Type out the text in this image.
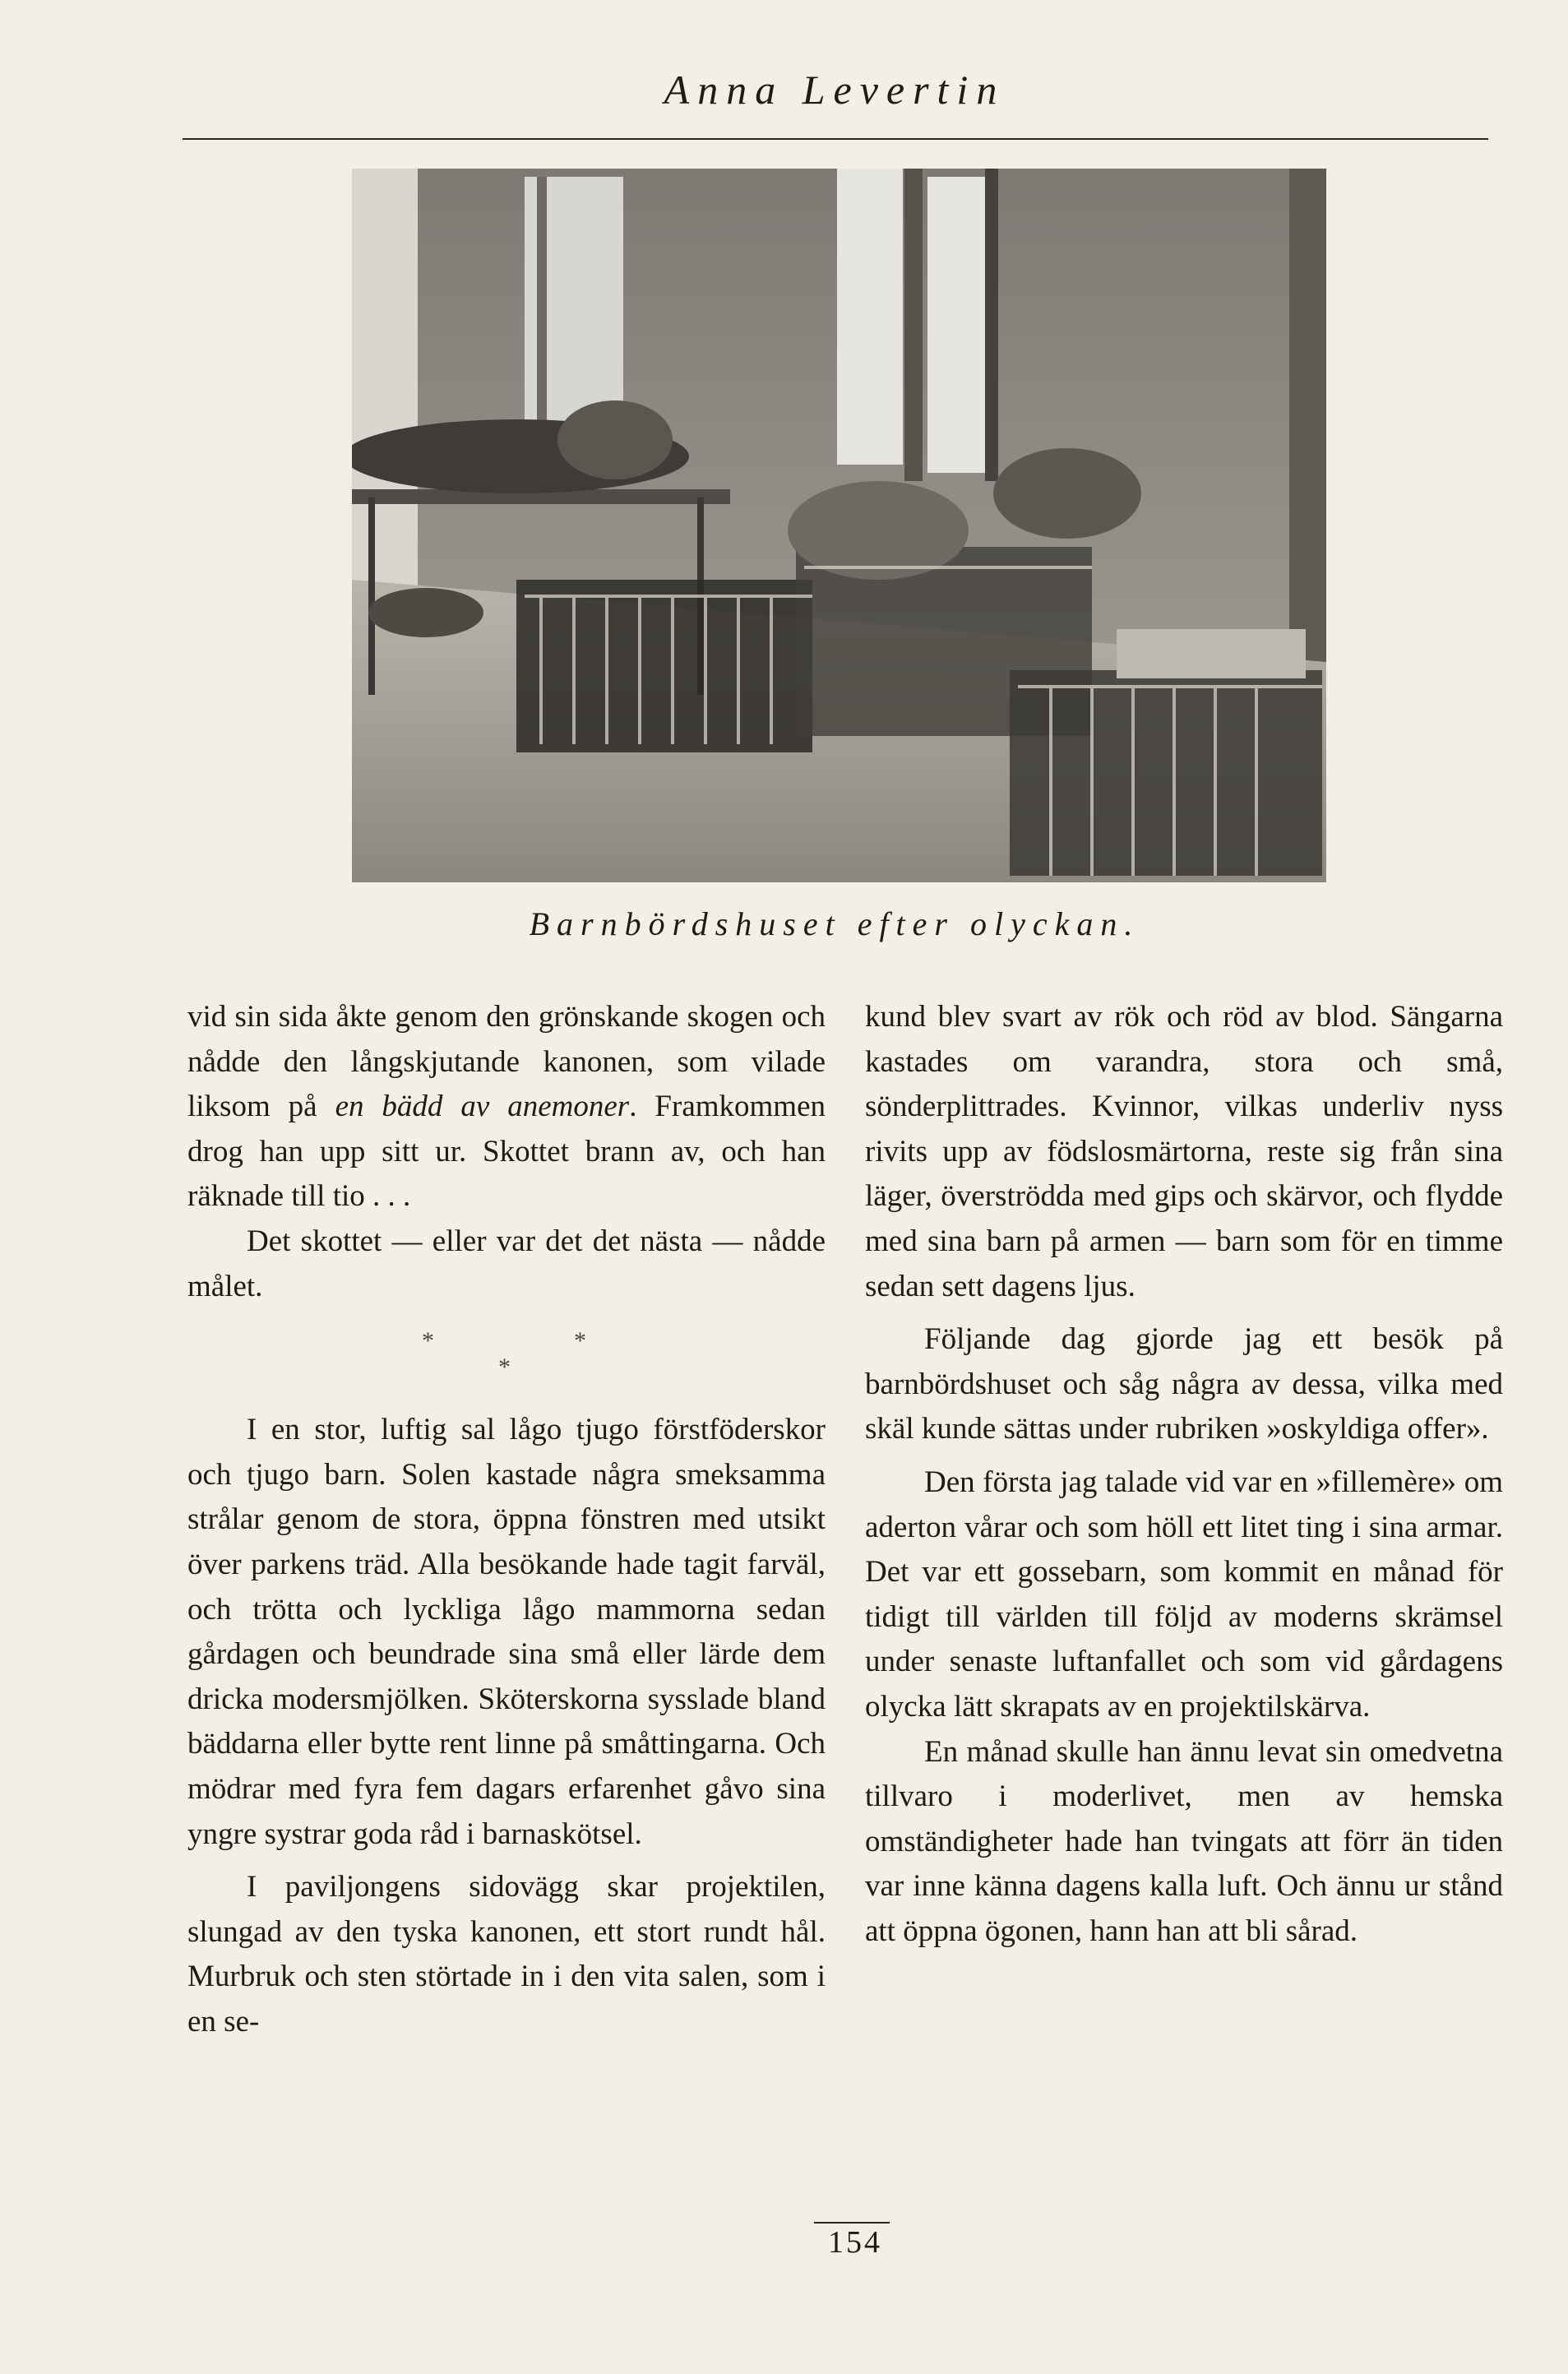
Anna Levertin
Barnbördshuset efter olyckan.

vid sin sida åkte genom den grönskande skogen och nådde den långskjutande kanonen, som vilade liksom på en bädd av anemoner. Framkommen drog han upp sitt ur. Skottet brann av, och han räknade till tio . . .

Det skottet — eller var det det nästa — nådde målet.

*	*
*

I en stor, luftig sal lågo tjugo förstföderskor och tjugo barn. Solen kastade några smeksamma strålar genom de stora, öppna fönstren med utsikt över parkens träd. Alla besökande hade tagit farväl, och trötta och lyckliga lågo mammorna sedan gårdagen och beundrade sina små eller lärde dem dricka modersmjölken. Sköterskorna sysslade bland bäddarna eller bytte rent linne på småttingarna. Och mödrar med fyra fem dagars erfarenhet gåvo sina yngre systrar goda råd i barnaskötsel.

I paviljongens sidovägg skar projektilen, slungad av den tyska kanonen, ett stort rundt hål. Murbruk och sten störtade in i den vita salen, som i en se-

kund blev svart av rök och röd av blod. Sängarna kastades om varandra, stora och små, sönderplittrades. Kvinnor, vilkas underliv nyss rivits upp av födslosmärtorna, reste sig från sina läger, överströdda med gips och skärvor, och flydde med sina barn på armen — barn som för en timme sedan sett dagens ljus.

Följande dag gjorde jag ett besök på barnbördshuset och såg några av dessa, vilka med skäl kunde sättas under rubriken »oskyldiga offer».

Den första jag talade vid var en »fillemère» om aderton vårar och som höll ett litet ting i sina armar. Det var ett gossebarn, som kommit en månad för tidigt till världen till följd av moderns skrämsel under senaste luftanfallet och som vid gårdagens olycka lätt skrapats av en projektilskärva.

En månad skulle han ännu levat sin omedvetna tillvaro i moderlivet, men av hemska omständigheter hade han tvingats att förr än tiden var inne känna dagens kalla luft. Och ännu ur stånd att öppna ögonen, hann han att bli sårad.

154
